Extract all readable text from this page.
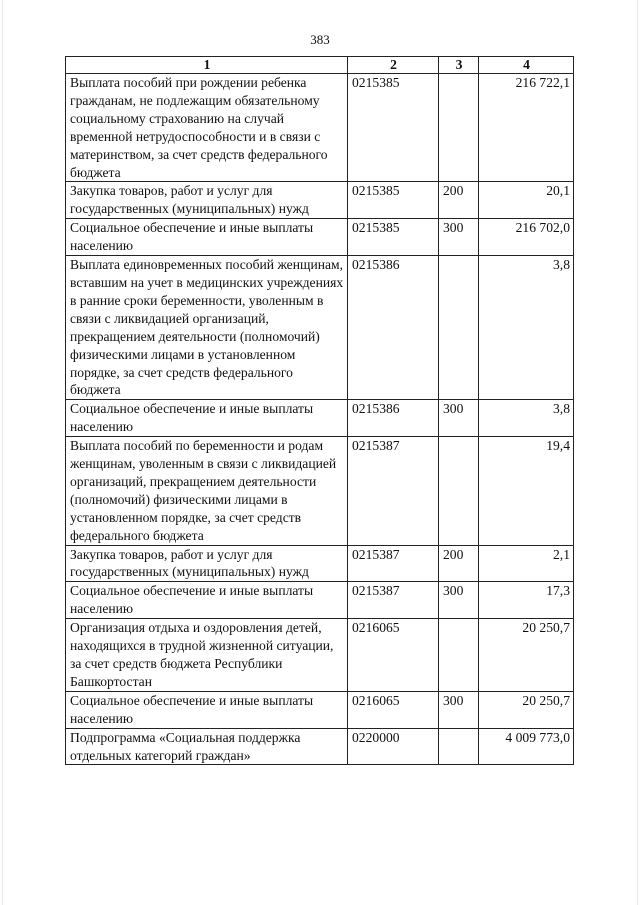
383
1	2	3	4
Выплата пособий при рождении ребенка гражданам, не подлежащим обязательному социальному страхованию на случай временной нетрудоспособности и в связи с материнством, за счет средств федерального бюджета	0215385		216 722,1
Закупка товаров, работ и услуг для государственных (муниципальных) нужд	0215385	200	20,1
Социальное обеспечение и иные выплаты населению	0215385	300	216 702,0
Выплата единовременных пособий женщинам, вставшим на учет в медицинских учреждениях в ранние сроки беременности, уволенным в связи с ликвидацией организаций, прекращением деятельности (полномочий) физическими лицами в установленном порядке, за счет средств федерального бюджета	0215386		3,8
Социальное обеспечение и иные выплаты населению	0215386	300	3,8
Выплата пособий по беременности и родам женщинам, уволенным в связи с ликвидацией организаций, прекращением деятельности (полномочий) физическими лицами в установленном порядке, за счет средств федерального бюджета	0215387		19,4
Закупка товаров, работ и услуг для государственных (муниципальных) нужд	0215387	200	2,1
Социальное обеспечение и иные выплаты населению	0215387	300	17,3
Организация отдыха и оздоровления детей, находящихся в трудной жизненной ситуации, за счет средств бюджета Республики Башкортостан	0216065		20 250,7
Социальное обеспечение и иные выплаты населению	0216065	300	20 250,7
Подпрограмма «Социальная поддержка отдельных категорий граждан»	0220000		4 009 773,0
